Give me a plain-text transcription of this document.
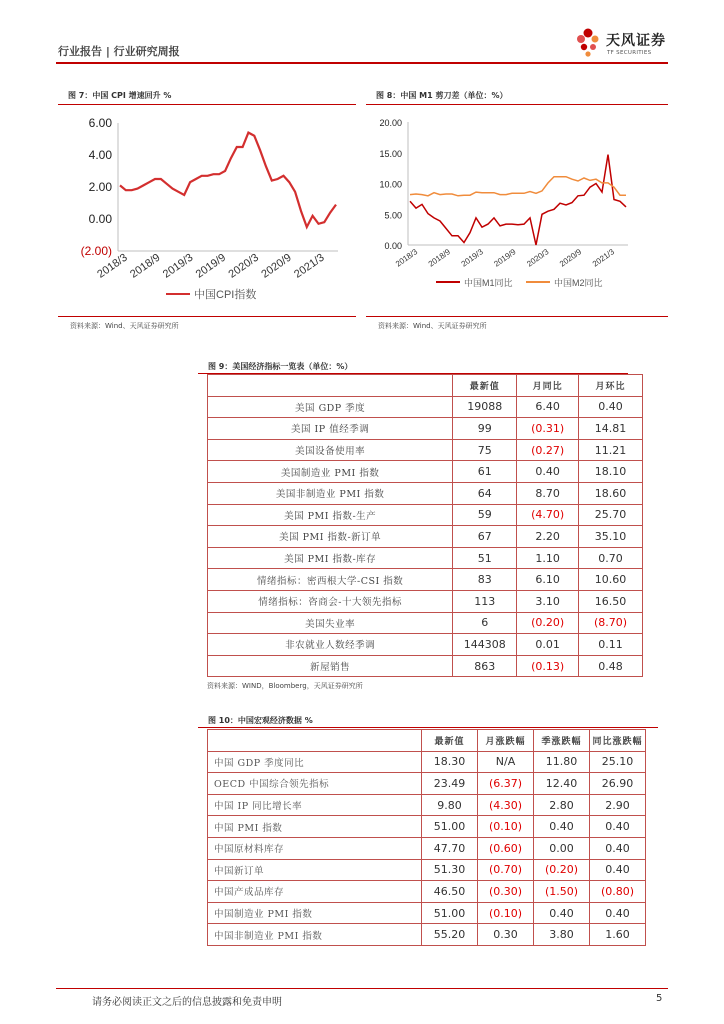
行业报告 | 行业研究周报
天风证券
TF SECURITIES
图 7：中国 CPI 增速回升 %
6.00
4.00
2.00
0.00
(2.00)
2018/3
2018/9
2019/3
2019/9
2020/3
2020/9
2021/3
中国CPI指数
资料来源：Wind、天风证券研究所
图 8：中国 M1 剪刀差（单位：%）
20.00
15.00
10.00
5.00
0.00
2018/3 2018/9 2019/3 2019/9 2020/3 2020/9 2021/3
中国M1同比	中国M2同比
资料来源：Wind、天风证券研究所
图 9：美国经济指标一览表（单位：%）
	最新值	月同比	月环比
美国 GDP 季度	19088	6.40	0.40
美国 IP 值经季调	99	(0.31)	14.81
美国设备使用率	75	(0.27)	11.21
美国制造业 PMI 指数	61	0.40	18.10
美国非制造业 PMI 指数	64	8.70	18.60
美国 PMI 指数-生产	59	(4.70)	25.70
美国 PMI 指数-新订单	67	2.20	35.10
美国 PMI 指数-库存	51	1.10	0.70
情绪指标：密西根大学-CSI 指数	83	6.10	10.60
情绪指标：咨商会-十大领先指标	113	3.10	16.50
美国失业率	6	(0.20)	(8.70)
非农就业人数经季调	144308	0.01	0.11
新屋销售	863	(0.13)	0.48
资料来源：WIND，Bloomberg，天风证券研究所
图 10：中国宏观经济数据 %
	最新值	月涨跌幅	季涨跌幅	同比涨跌幅
中国 GDP 季度同比	18.30	N/A	11.80	25.10
OECD 中国综合领先指标	23.49	(6.37)	12.40	26.90
中国 IP 同比增长率	9.80	(4.30)	2.80	2.90
中国 PMI 指数	51.00	(0.10)	0.40	0.40
中国原材料库存	47.70	(0.60)	0.00	0.40
中国新订单	51.30	(0.70)	(0.20)	0.40
中国产成品库存	46.50	(0.30)	(1.50)	(0.80)
中国制造业 PMI 指数	51.00	(0.10)	0.40	0.40
中国非制造业 PMI 指数	55.20	0.30	3.80	1.60
请务必阅读正文之后的信息披露和免责申明	5
